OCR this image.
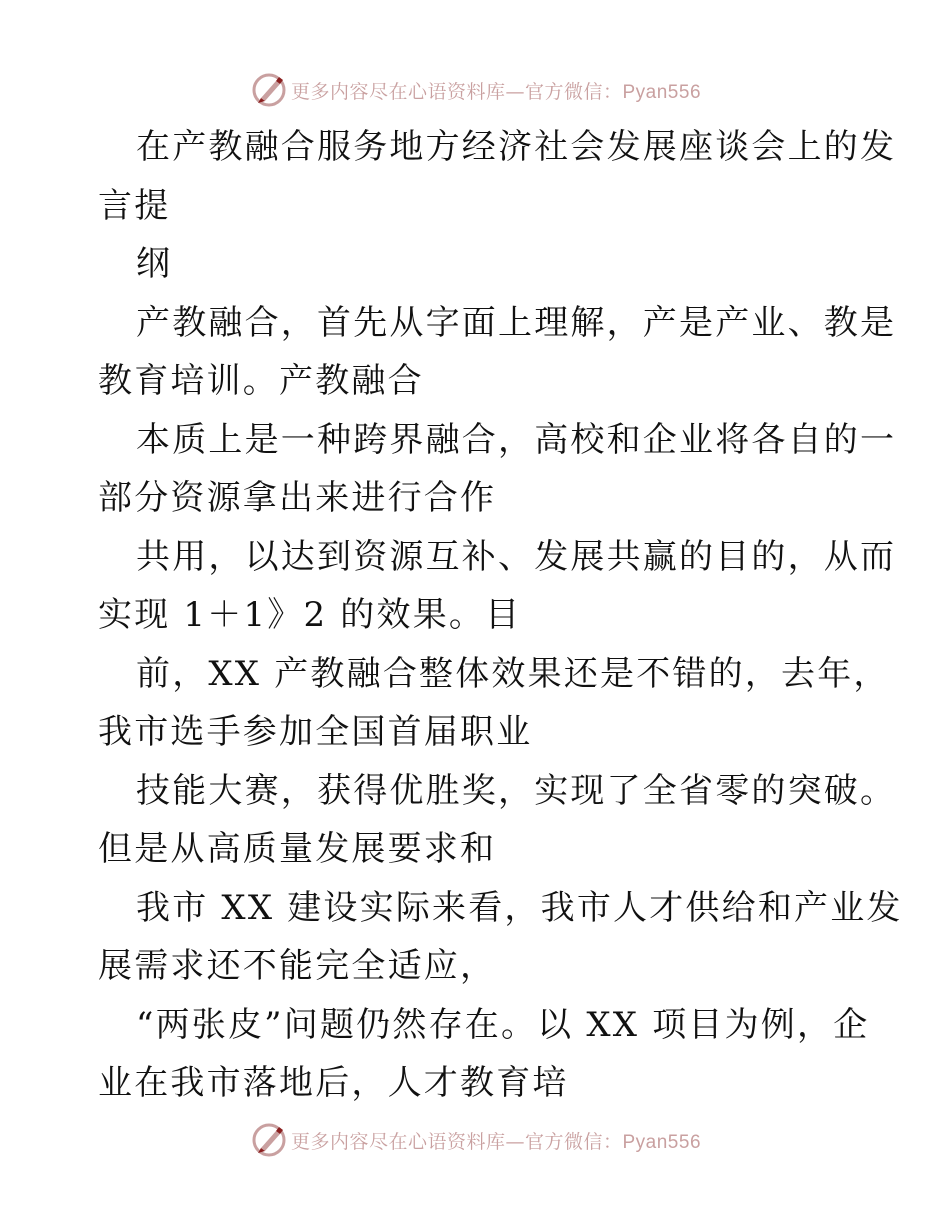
更多内容尽在心语资料库—官方微信：Pyan556
在产教融合服务地方经济社会发展座谈会上的发
言提
纲
产教融合，首先从字面上理解，产是产业、教是
教育培训。产教融合
本质上是一种跨界融合，高校和企业将各自的一
部分资源拿出来进行合作
共用，以达到资源互补、发展共赢的目的，从而
实现 1＋1》2 的效果。目
前，XX 产教融合整体效果还是不错的，去年，
我市选手参加全国首届职业
技能大赛，获得优胜奖，实现了全省零的突破。
但是从高质量发展要求和
我市 XX 建设实际来看，我市人才供给和产业发
展需求还不能完全适应，
“两张皮”问题仍然存在。以 XX 项目为例，企
业在我市落地后，人才教育培
更多内容尽在心语资料库—官方微信：Pyan556
